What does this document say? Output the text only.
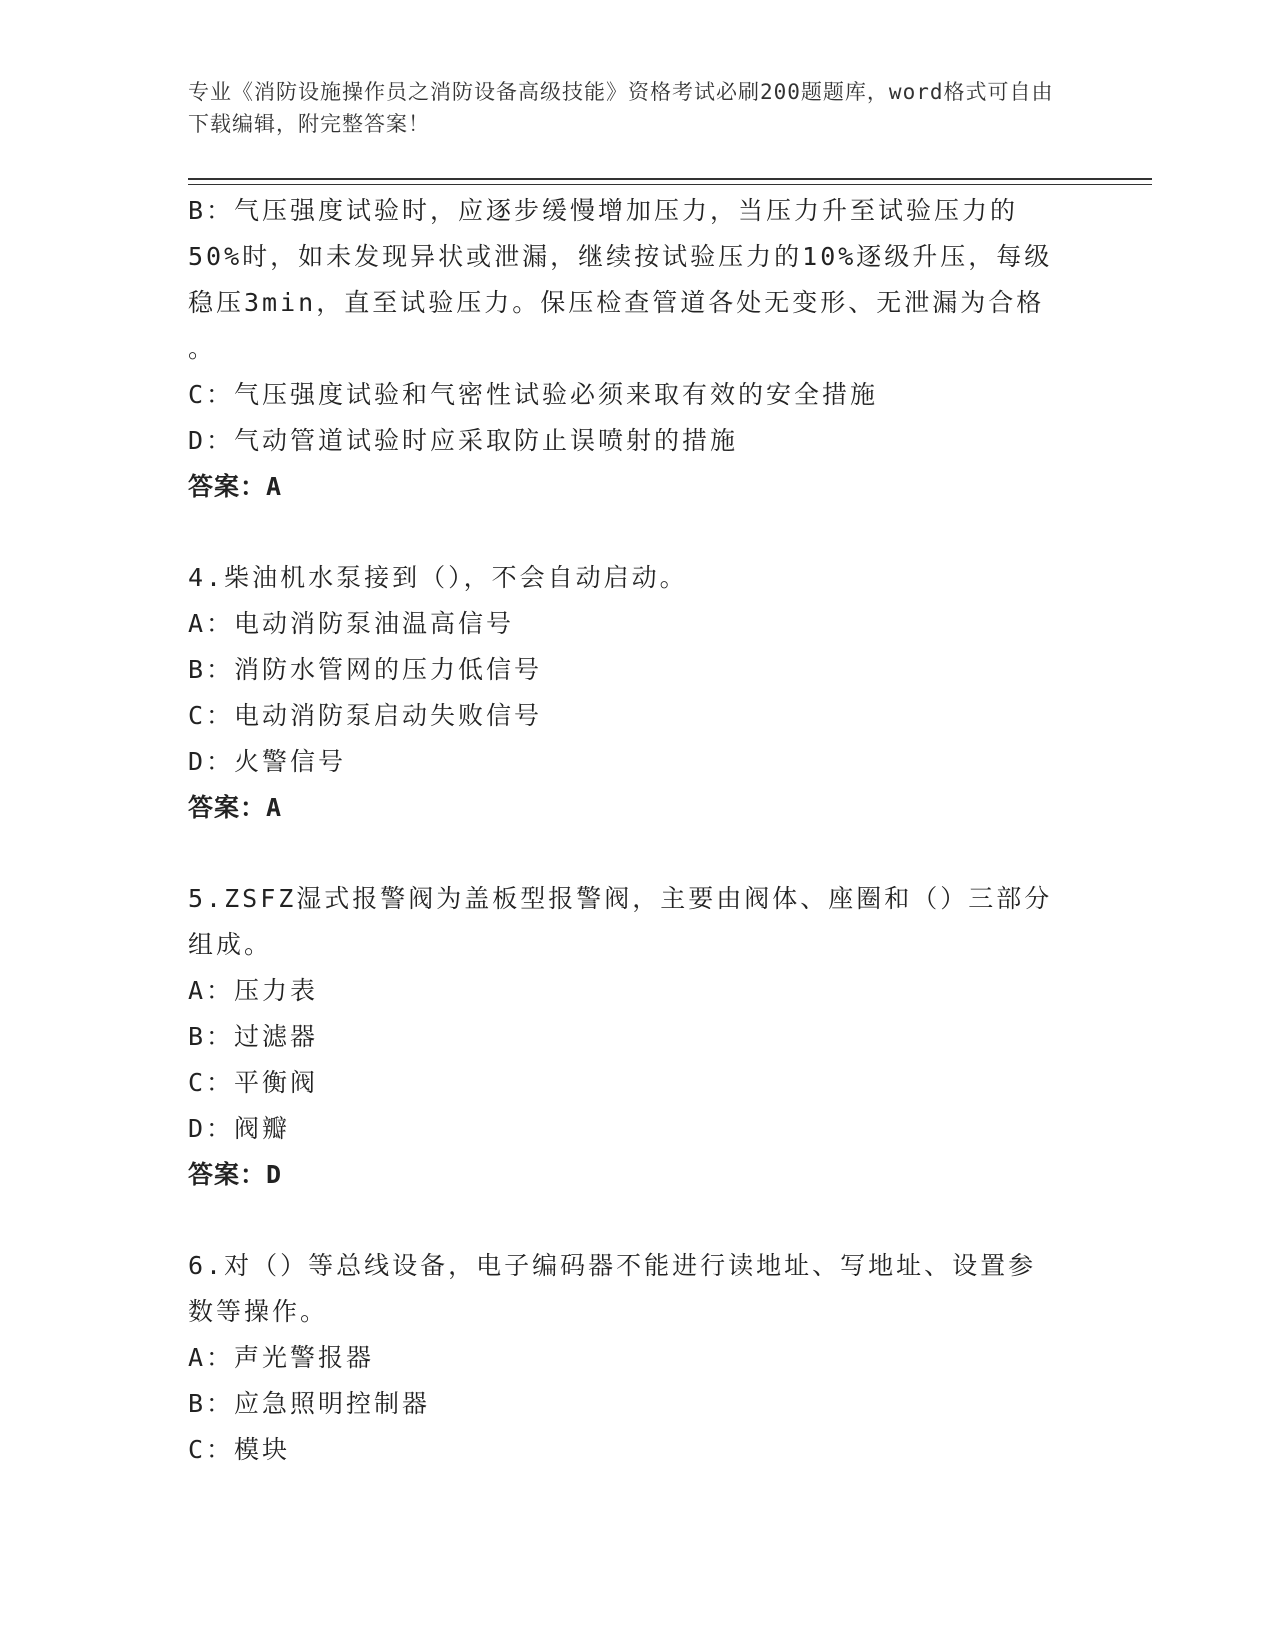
专业《消防设施操作员之消防设备高级技能》资格考试必刷200题题库，word格式可自由下载编辑，附完整答案！
B：气压强度试验时，应逐步缓慢增加压力，当压力升至试验压力的
50%时，如未发现异状或泄漏，继续按试验压力的10%逐级升压，每级
稳压3min，直至试验压力。保压检查管道各处无变形、无泄漏为合格
。
C：气压强度试验和气密性试验必须来取有效的安全措施
D：气动管道试验时应采取防止误喷射的措施
答案：A
4.柴油机水泵接到（），不会自动启动。
A：电动消防泵油温高信号
B：消防水管网的压力低信号
C：电动消防泵启动失败信号
D：火警信号
答案：A
5.ZSFZ湿式报警阀为盖板型报警阀，主要由阀体、座圈和（）三部分
组成。
A：压力表
B：过滤器
C：平衡阀
D：阀瓣
答案：D
6.对（）等总线设备，电子编码器不能进行读地址、写地址、设置参
数等操作。
A：声光警报器
B：应急照明控制器
C：模块
